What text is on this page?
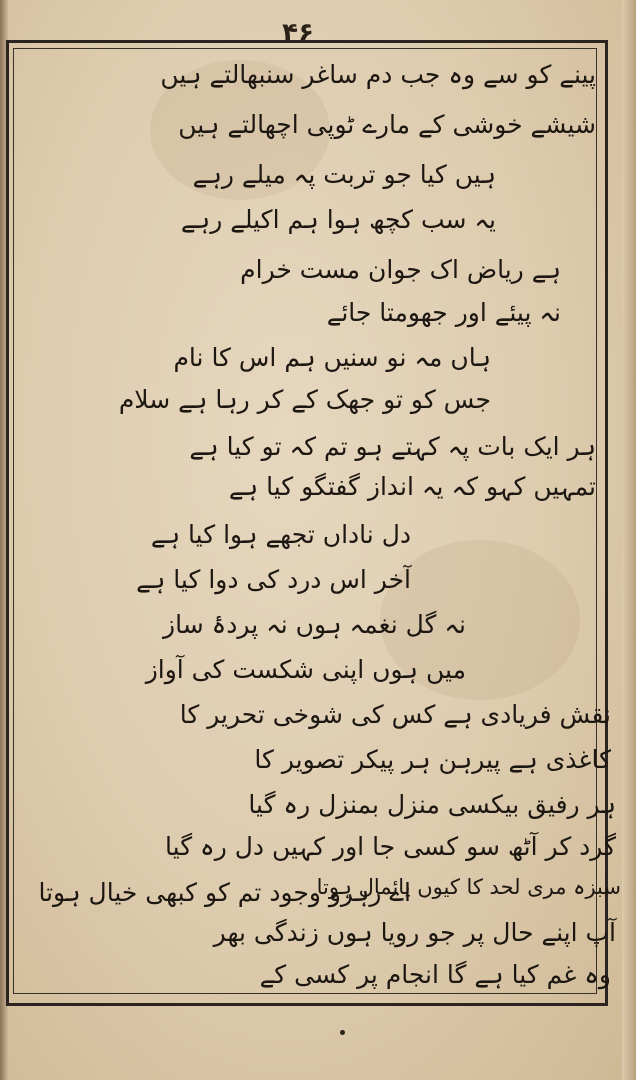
۴۶
پینے کو سے وہ جب دم ساغر سنبھالتے ہیں
شیشے خوشی کے مارے ٹوپی اچھالتے ہیں
ہیں کیا جو تربت پہ میلے رہے
یہ سب کچھ ہوا ہم اکیلے رہے
ہے ریاض اک جوان مست خرام
نہ پیئے اور جھومتا جائے
ہاں مہ نو سنیں ہم اس کا نام
جس کو تو جھک کے کر رہا ہے سلام
ہر ایک بات پہ کہتے ہو تم کہ تو کیا ہے
تمہیں کہو کہ یہ انداز گفتگو کیا ہے
دل ناداں تجھے ہوا کیا ہے
آخر اس درد کی دوا کیا ہے
نہ گل نغمہ ہوں نہ پردۂ ساز
میں ہوں اپنی شکست کی آواز
نقش فریادی ہے کس کی شوخی تحریر کا
کاغذی ہے پیرہن ہر پیکر تصویر کا
ہر رفیق بیکسی منزل بمنزل رہ گیا
گرد کر آٹھ سو کسی جا اور کہیں دل رہ گیا
اے رہرو وجود تم کو کبھی خیال ہوتا
سبزہ مری لحد کا کیوں پائمال ہوتا
آپ اپنے حال پر جو رویا ہوں زندگی بھر
وہ غم کیا ہے گا انجام پر کسی کے
